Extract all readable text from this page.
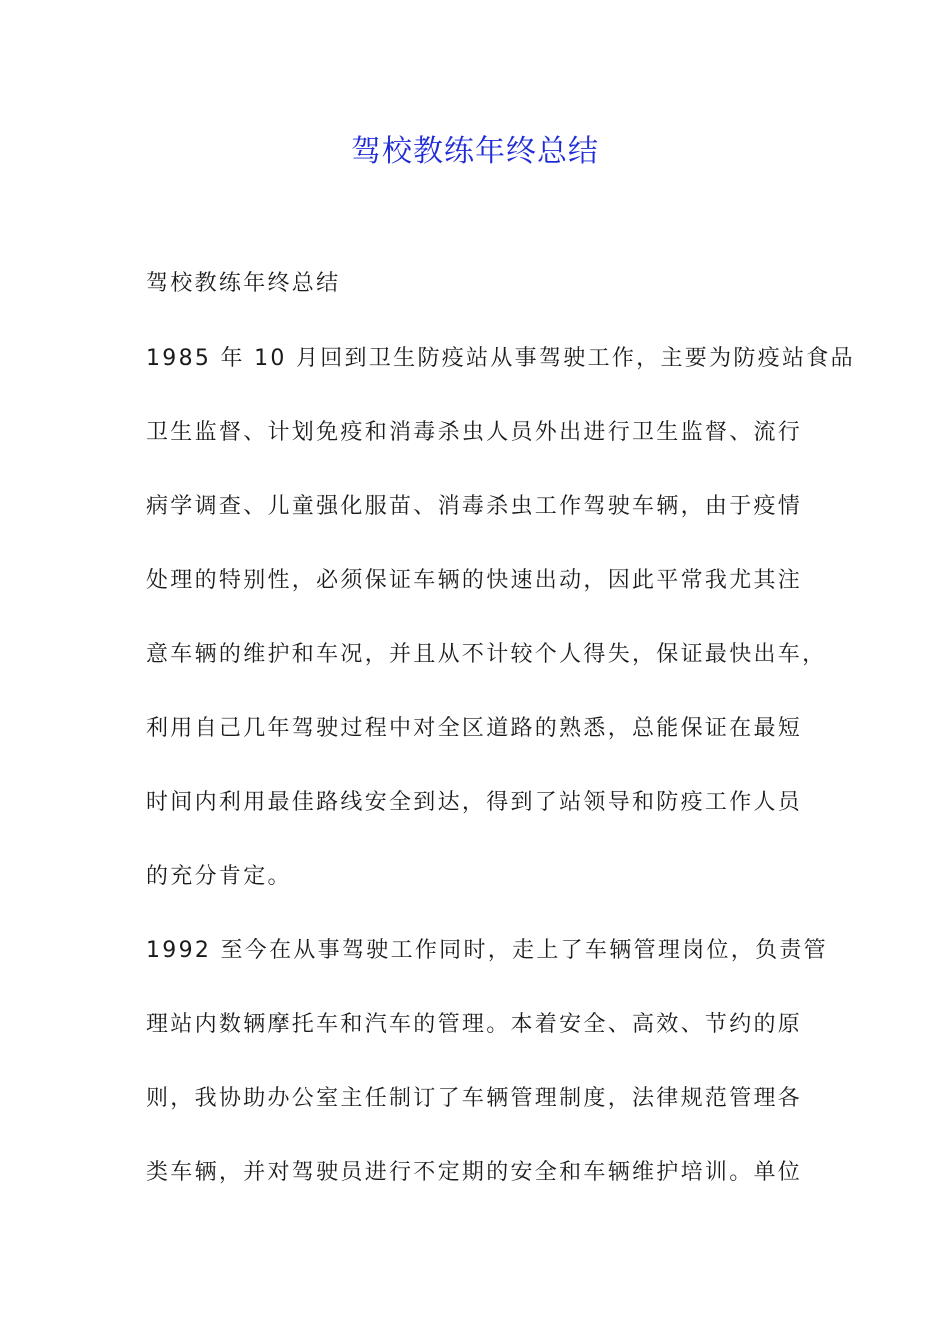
驾校教练年终总结
驾校教练年终总结
1985 年 10 月回到卫生防疫站从事驾驶工作，主要为防疫站食品
卫生监督、计划免疫和消毒杀虫人员外出进行卫生监督、流行
病学调查、儿童强化服苗、消毒杀虫工作驾驶车辆，由于疫情
处理的特别性，必须保证车辆的快速出动，因此平常我尤其注
意车辆的维护和车况，并且从不计较个人得失，保证最快出车，
利用自己几年驾驶过程中对全区道路的熟悉，总能保证在最短
时间内利用最佳路线安全到达，得到了站领导和防疫工作人员
的充分肯定。
1992 至今在从事驾驶工作同时，走上了车辆管理岗位，负责管
理站内数辆摩托车和汽车的管理。本着安全、高效、节约的原
则，我协助办公室主任制订了车辆管理制度，法律规范管理各
类车辆，并对驾驶员进行不定期的安全和车辆维护培训。单位
